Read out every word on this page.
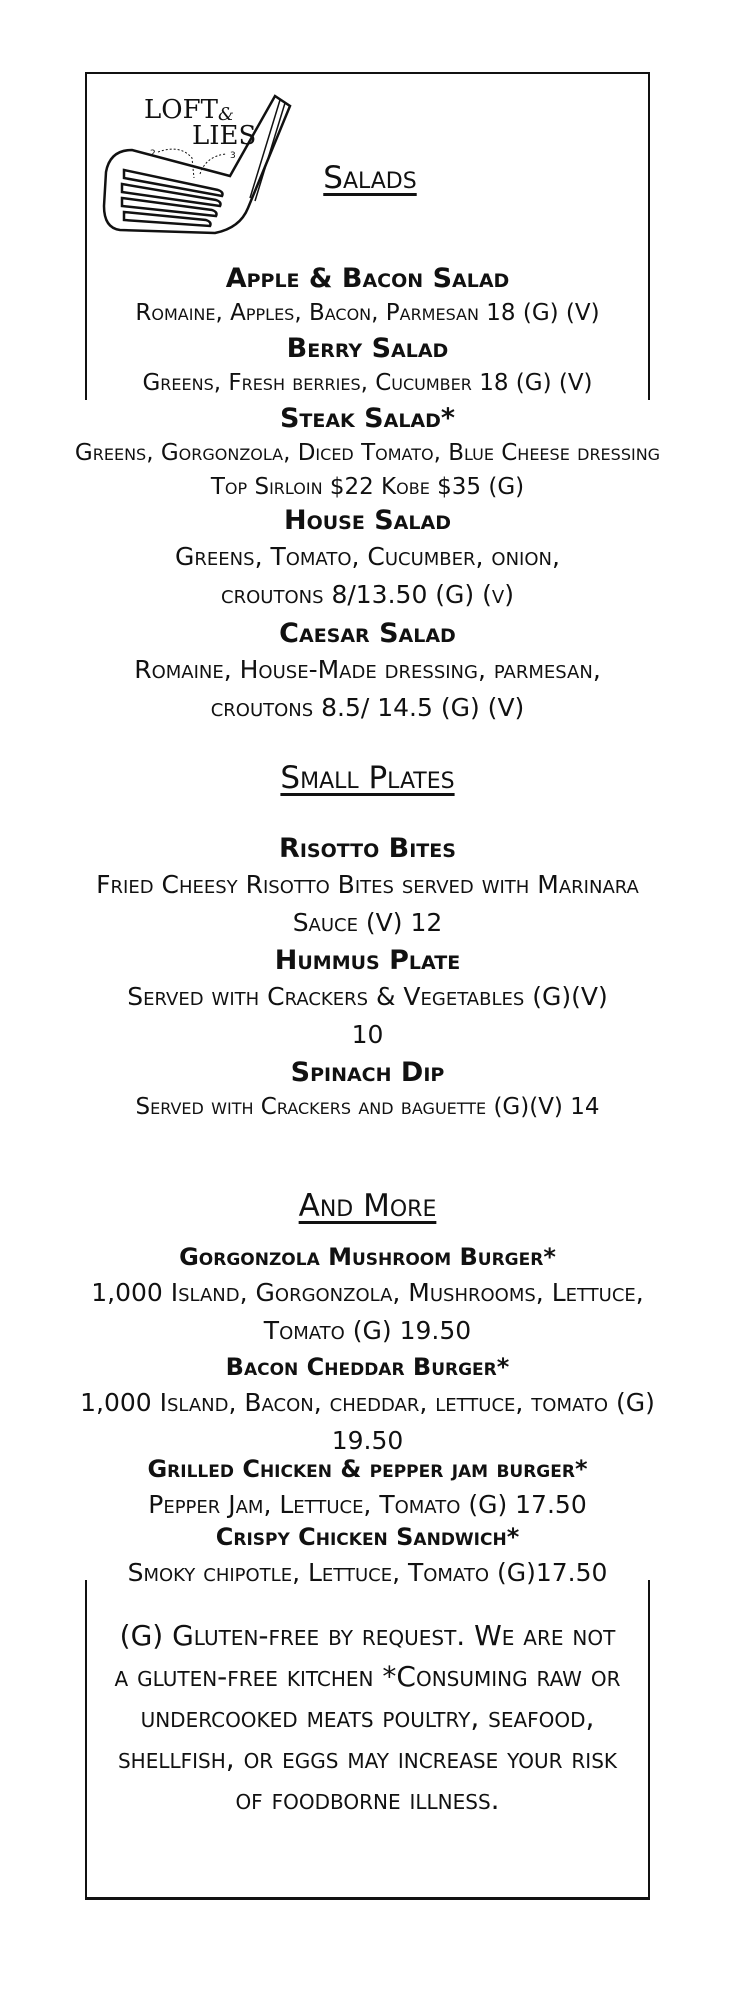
LOFT &
LIES
2	3
Salads
Apple & Bacon Salad
Romaine, Apples, Bacon, Parmesan 18 (G) (V)
Berry Salad
Greens, Fresh berries, Cucumber 18 (G) (V)
Steak Salad*
Greens, Gorgonzola, Diced Tomato, Blue Cheese dressing Top Sirloin $22 Kobe $35 (G)
House Salad
Greens, Tomato, Cucumber, onion, croutons 8/13.50 (G) (v)
Caesar Salad
Romaine, House-Made dressing, parmesan, croutons 8.5/ 14.5 (G) (V)
Small Plates
Risotto Bites
Fried Cheesy Risotto Bites served with Marinara Sauce (V) 12
Hummus Plate
Served with Crackers & Vegetables (G)(V) 10
Spinach Dip
Served with Crackers and baguette (G)(V) 14
And More
Gorgonzola Mushroom Burger*
1,000 Island, Gorgonzola, Mushrooms, Lettuce, Tomato (G) 19.50
Bacon Cheddar Burger*
1,000 Island, Bacon, cheddar, lettuce, tomato (G) 19.50
Grilled Chicken & pepper jam burger*
Pepper Jam, Lettuce, Tomato (G) 17.50
Crispy Chicken Sandwich*
Smoky chipotle, Lettuce, Tomato (G)17.50
(G) Gluten-free by request. We are not a gluten-free kitchen *Consuming raw or undercooked meats poultry, seafood, shellfish, or eggs may increase your risk of foodborne illness.
